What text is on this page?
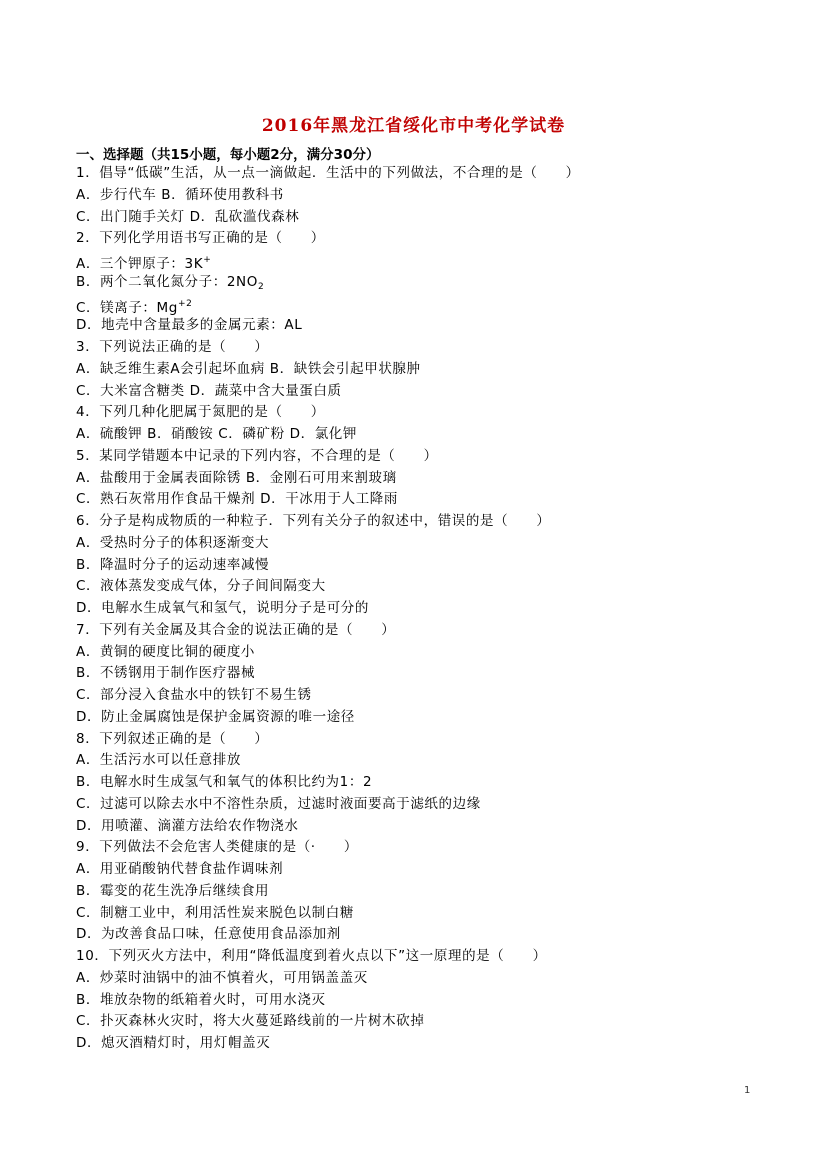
2016年黑龙江省绥化市中考化学试卷
一、选择题（共15小题，每小题2分，满分30分）
1．倡导“低碳”生活，从一点一滴做起．生活中的下列做法，不合理的是（　　）
A．步行代车 B．循环使用教科书
C．出门随手关灯 D．乱砍滥伐森林
2．下列化学用语书写正确的是（　　）
A．三个钾原子：3K+
B．两个二氧化氮分子：$2NO_2$
C．镁离子：$Mg^{+2}$
D．地壳中含量最多的金属元素：AL
3．下列说法正确的是（　　）
A．缺乏维生素A会引起坏血病 B．缺铁会引起甲状腺肿
C．大米富含糖类 D．蔬菜中含大量蛋白质
4．下列几种化肥属于氮肥的是（　　）
A．硫酸钾 B．硝酸铵 C．磷矿粉 D．氯化钾
5．某同学错题本中记录的下列内容，不合理的是（　　）
A．盐酸用于金属表面除锈 B．金刚石可用来割玻璃
C．熟石灰常用作食品干燥剂 D．干冰用于人工降雨
6．分子是构成物质的一种粒子．下列有关分子的叙述中，错误的是（　　）
A．受热时分子的体积逐渐变大
B．降温时分子的运动速率减慢
C．液体蒸发变成气体，分子间间隔变大
D．电解水生成氧气和氢气，说明分子是可分的
7．下列有关金属及其合金的说法正确的是（　　）
A．黄铜的硬度比铜的硬度小
B．不锈钢用于制作医疗器械
C．部分浸入食盐水中的铁钉不易生锈
D．防止金属腐蚀是保护金属资源的唯一途径
8．下列叙述正确的是（　　）
A．生活污水可以任意排放
B．电解水时生成氢气和氧气的体积比约为1：2
C．过滤可以除去水中不溶性杂质，过滤时液面要高于滤纸的边缘
D．用喷灌、滴灌方法给农作物浇水
9．下列做法不会危害人类健康的是（·　　）
A．用亚硝酸钠代替食盐作调味剂
B．霉变的花生洗净后继续食用
C．制糖工业中，利用活性炭来脱色以制白糖
D．为改善食品口味，任意使用食品添加剂
10．下列灭火方法中，利用“降低温度到着火点以下”这一原理的是（　　）
A．炒菜时油锅中的油不慎着火，可用锅盖盖灭
B．堆放杂物的纸箱着火时，可用水浇灭
C．扑灭森林火灾时，将大火蔓延路线前的一片树木砍掉
D．熄灭酒精灯时，用灯帽盖灭
1
